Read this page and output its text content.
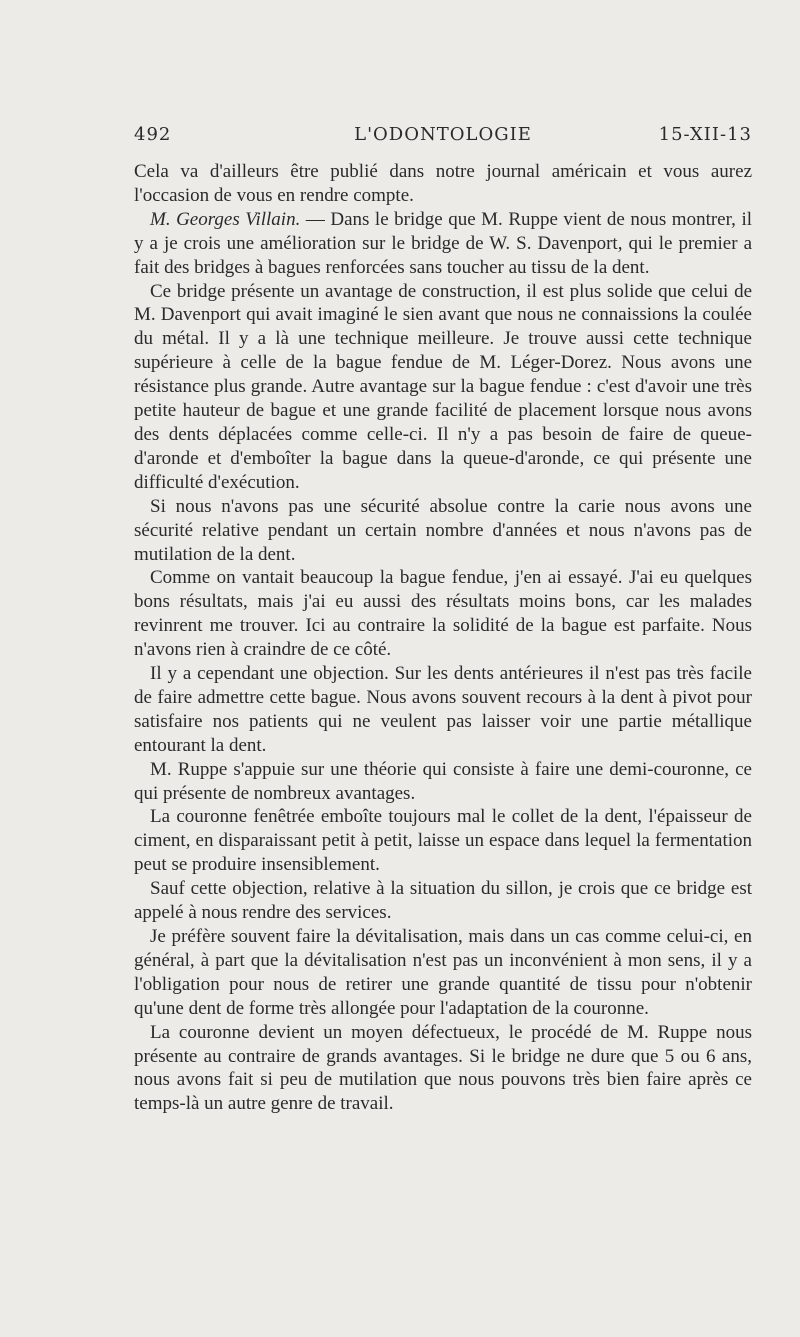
492	L'ODONTOLOGIE	15-XII-13

Cela va d'ailleurs être publié dans notre journal américain et vous aurez l'occasion de vous en rendre compte.

M. Georges Villain. — Dans le bridge que M. Ruppe vient de nous montrer, il y a je crois une amélioration sur le bridge de W. S. Davenport, qui le premier a fait des bridges à bagues renforcées sans toucher au tissu de la dent.

Ce bridge présente un avantage de construction, il est plus solide que celui de M. Davenport qui avait imaginé le sien avant que nous ne connaissions la coulée du métal. Il y a là une technique meilleure. Je trouve aussi cette technique supérieure à celle de la bague fendue de M. Léger-Dorez. Nous avons une résistance plus grande. Autre avantage sur la bague fendue : c'est d'avoir une très petite hauteur de bague et une grande facilité de placement lorsque nous avons des dents déplacées comme celle-ci. Il n'y a pas besoin de faire de queue-d'aronde et d'emboîter la bague dans la queue-d'aronde, ce qui présente une difficulté d'exécution.

Si nous n'avons pas une sécurité absolue contre la carie nous avons une sécurité relative pendant un certain nombre d'années et nous n'avons pas de mutilation de la dent.

Comme on vantait beaucoup la bague fendue, j'en ai essayé. J'ai eu quelques bons résultats, mais j'ai eu aussi des résultats moins bons, car les malades revinrent me trouver. Ici au contraire la solidité de la bague est parfaite. Nous n'avons rien à craindre de ce côté.

Il y a cependant une objection. Sur les dents antérieures il n'est pas très facile de faire admettre cette bague. Nous avons souvent recours à la dent à pivot pour satisfaire nos patients qui ne veulent pas laisser voir une partie métallique entourant la dent.

M. Ruppe s'appuie sur une théorie qui consiste à faire une demi-couronne, ce qui présente de nombreux avantages.

La couronne fenêtrée emboîte toujours mal le collet de la dent, l'épaisseur de ciment, en disparaissant petit à petit, laisse un espace dans lequel la fermentation peut se produire insensiblement.

Sauf cette objection, relative à la situation du sillon, je crois que ce bridge est appelé à nous rendre des services.

Je préfère souvent faire la dévitalisation, mais dans un cas comme celui-ci, en général, à part que la dévitalisation n'est pas un inconvénient à mon sens, il y a l'obligation pour nous de retirer une grande quantité de tissu pour n'obtenir qu'une dent de forme très allongée pour l'adaptation de la couronne.

La couronne devient un moyen défectueux, le procédé de M. Ruppe nous présente au contraire de grands avantages. Si le bridge ne dure que 5 ou 6 ans, nous avons fait si peu de mutilation que nous pouvons très bien faire après ce temps-là un autre genre de travail.
